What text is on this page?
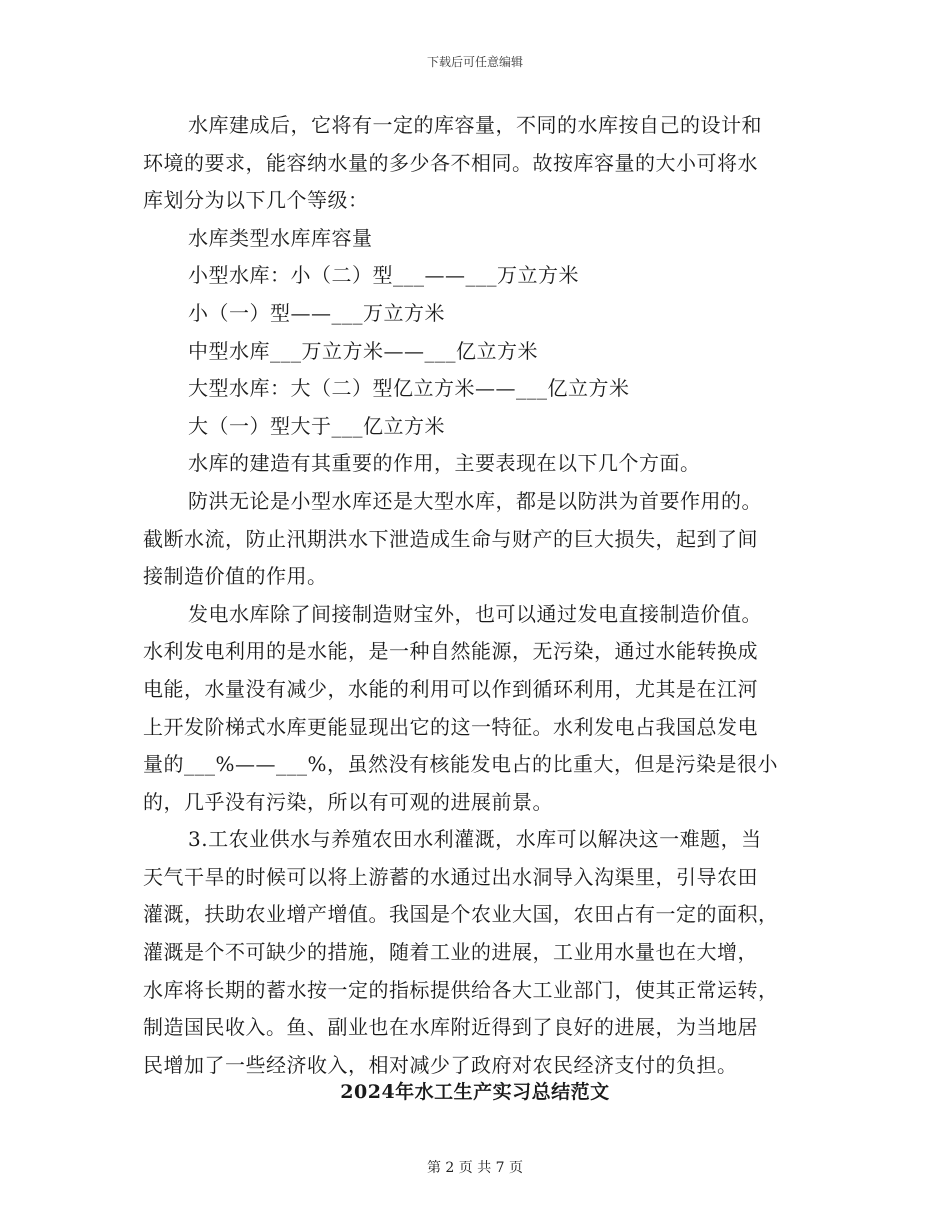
下载后可任意编辑
水库建成后，它将有一定的库容量，不同的水库按自己的设计和
环境的要求，能容纳水量的多少各不相同。故按库容量的大小可将水
库划分为以下几个等级：
水库类型水库库容量
小型水库：小（二）型___——___万立方米
小（一）型——___万立方米
中型水库___万立方米——___亿立方米
大型水库：大（二）型亿立方米——___亿立方米
大（一）型大于___亿立方米
水库的建造有其重要的作用，主要表现在以下几个方面。
防洪无论是小型水库还是大型水库，都是以防洪为首要作用的。
截断水流，防止汛期洪水下泄造成生命与财产的巨大损失，起到了间
接制造价值的作用。
发电水库除了间接制造财宝外，也可以通过发电直接制造价值。
水利发电利用的是水能，是一种自然能源，无污染，通过水能转换成
电能，水量没有减少，水能的利用可以作到循环利用，尤其是在江河
上开发阶梯式水库更能显现出它的这一特征。水利发电占我国总发电
量的___%——___%，虽然没有核能发电占的比重大，但是污染是很小
的，几乎没有污染，所以有可观的进展前景。
3.工农业供水与养殖农田水利灌溉，水库可以解决这一难题，当
天气干旱的时候可以将上游蓄的水通过出水洞导入沟渠里，引导农田
灌溉，扶助农业增产增值。我国是个农业大国，农田占有一定的面积，
灌溉是个不可缺少的措施，随着工业的进展，工业用水量也在大增，
水库将长期的蓄水按一定的指标提供给各大工业部门，使其正常运转，
制造国民收入。鱼、副业也在水库附近得到了良好的进展，为当地居
民增加了一些经济收入，相对减少了政府对农民经济支付的负担。
2024年水工生产实习总结范文
第 2 页 共 7 页
